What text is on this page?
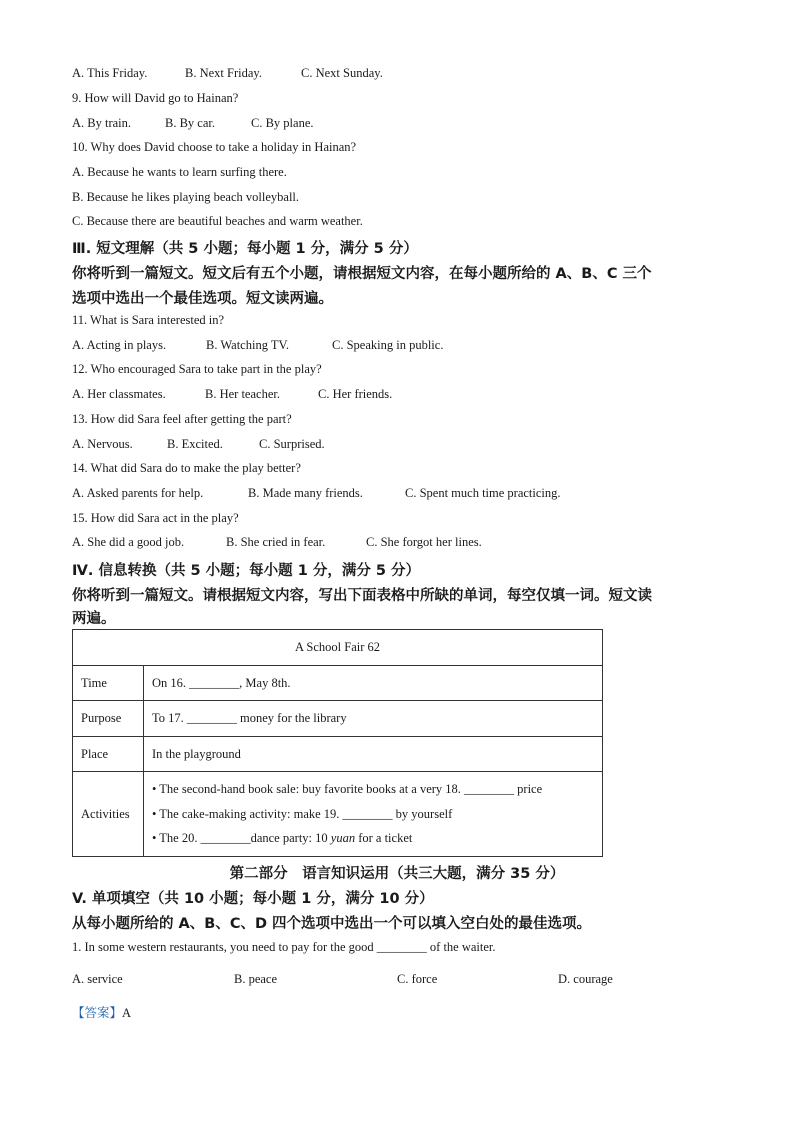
A. This Friday.	B. Next Friday.	C. Next Sunday.
9. How will David go to Hainan?
A. By train.	B. By car.	C. By plane.
10. Why does David choose to take a holiday in Hainan?
A. Because he wants to learn surfing there.
B. Because he likes playing beach volleyball.
C. Because there are beautiful beaches and warm weather.
Ⅲ. 短文理解（共 5 小题；每小题 1 分，满分 5 分）
你将听到一篇短文。短文后有五个小题，请根据短文内容，在每小题所给的 A、B、C 三个
选项中选出一个最佳选项。短文读两遍。
11. What is Sara interested in?
A. Acting in plays.	B. Watching TV.	C. Speaking in public.
12. Who encouraged Sara to take part in the play?
A. Her classmates.	B. Her teacher.	C. Her friends.
13. How did Sara feel after getting the part?
A. Nervous.	B. Excited.	C. Surprised.
14. What did Sara do to make the play better?
A. Asked parents for help.	B. Made many friends.	C. Spent much time practicing.
15. How did Sara act in the play?
A. She did a good job.	B. She cried in fear.	C. She forgot her lines.
Ⅳ. 信息转换（共 5 小题；每小题 1 分，满分 5 分）
你将听到一篇短文。请根据短文内容，写出下面表格中所缺的单词，每空仅填一词。短文读
两遍。
A School Fair 62	
Time	On 16. ________, May 8th.
Purpose	To 17. ________ money for the library
Place	In the playground
Activities	• The second-hand book sale: buy favorite books at a very 18. ________ price
• The cake-making activity: make 19. ________ by yourself
• The 20. ________dance party: 10 yuan for a ticket
第二部分　语言知识运用（共三大题，满分 35 分）
V. 单项填空（共 10 小题；每小题 1 分，满分 10 分）
从每小题所给的 A、B、C、D 四个选项中选出一个可以填入空白处的最佳选项。
1. In some western restaurants, you need to pay for the good ________ of the waiter.
A. service	B. peace	C. force	D. courage
【答案】A
